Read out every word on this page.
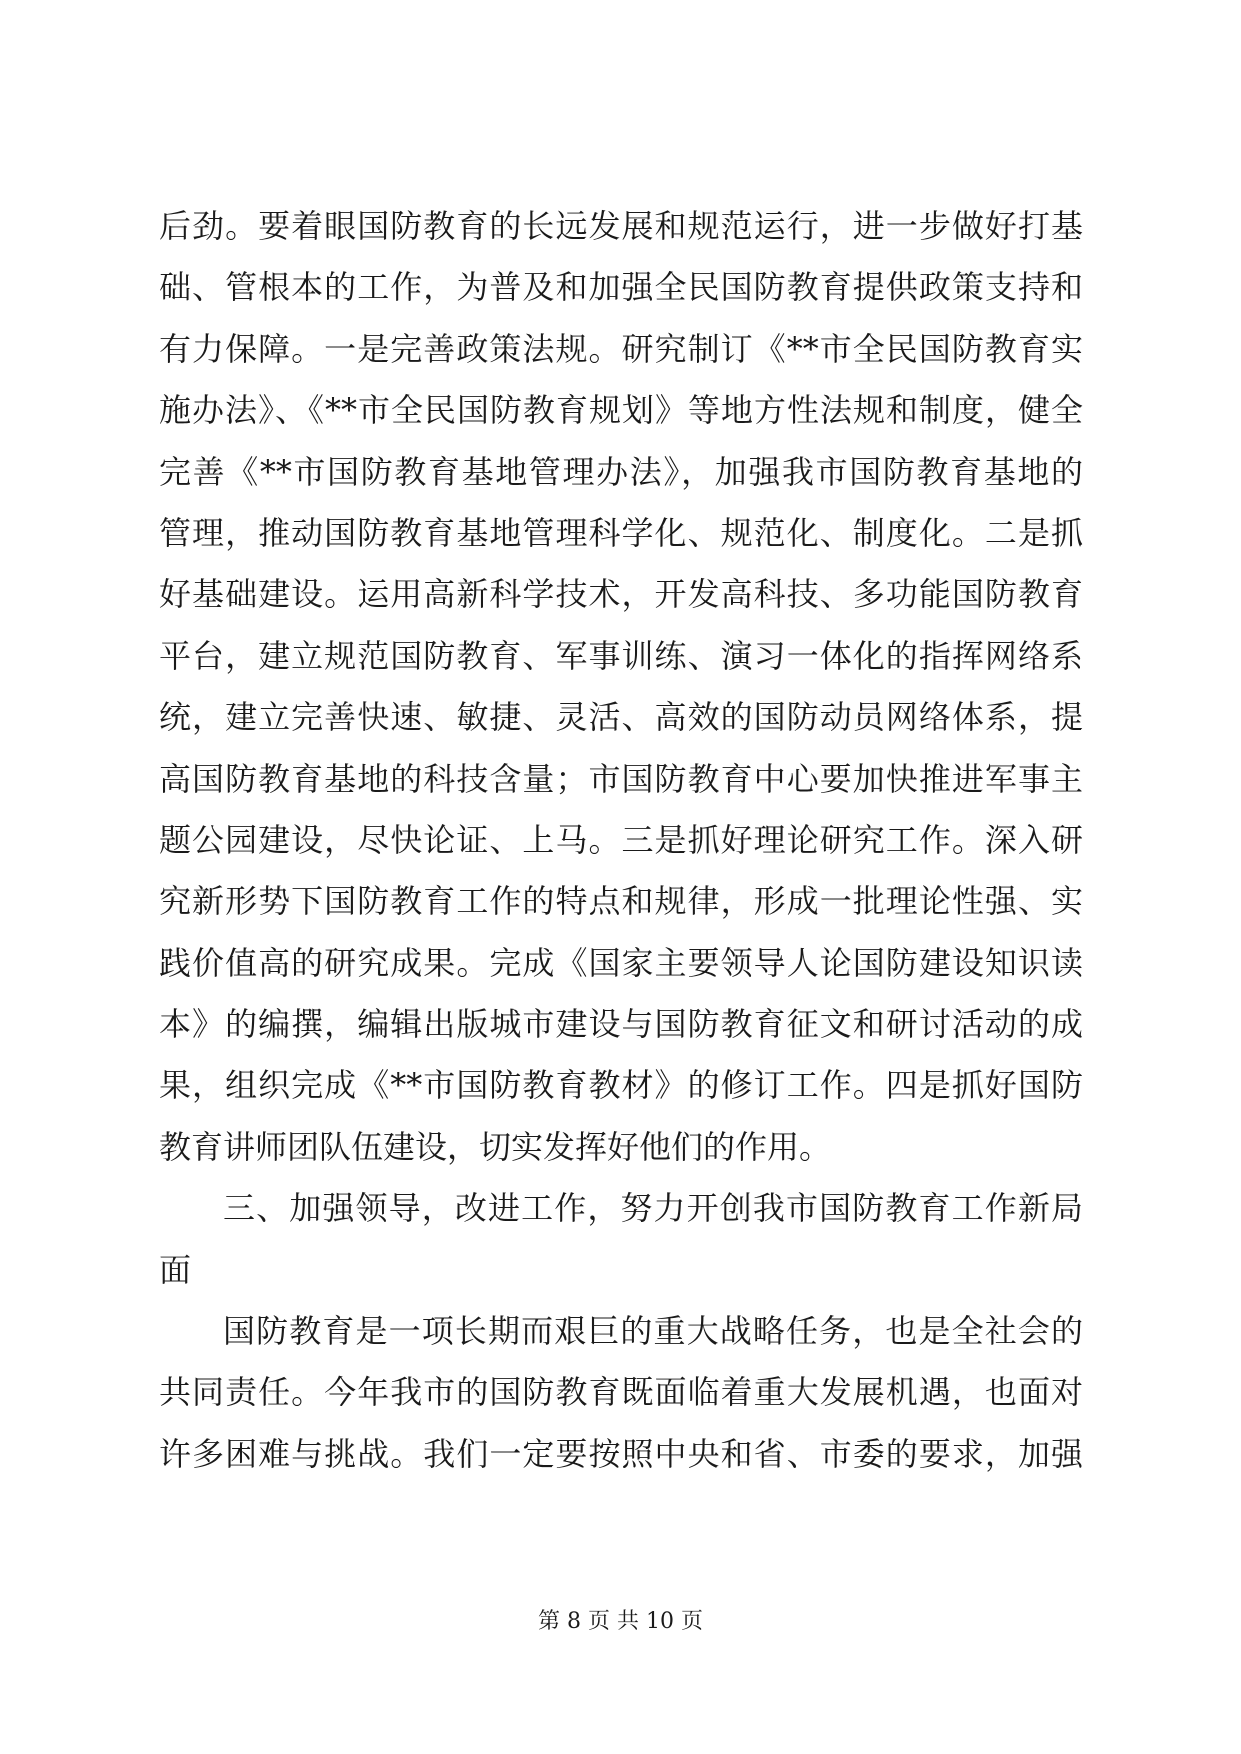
后劲。要着眼国防教育的长远发展和规范运行，进一步做好打基
础、管根本的工作，为普及和加强全民国防教育提供政策支持和
有力保障。一是完善政策法规。研究制订《**市全民国防教育实
施办法》、《**市全民国防教育规划》等地方性法规和制度，健全
完善《**市国防教育基地管理办法》，加强我市国防教育基地的
管理，推动国防教育基地管理科学化、规范化、制度化。二是抓
好基础建设。运用高新科学技术，开发高科技、多功能国防教育
平台，建立规范国防教育、军事训练、演习一体化的指挥网络系
统，建立完善快速、敏捷、灵活、高效的国防动员网络体系，提
高国防教育基地的科技含量；市国防教育中心要加快推进军事主
题公园建设，尽快论证、上马。三是抓好理论研究工作。深入研
究新形势下国防教育工作的特点和规律，形成一批理论性强、实
践价值高的研究成果。完成《国家主要领导人论国防建设知识读
本》的编撰，编辑出版城市建设与国防教育征文和研讨活动的成
果，组织完成《**市国防教育教材》的修订工作。四是抓好国防
教育讲师团队伍建设，切实发挥好他们的作用。
三、加强领导，改进工作，努力开创我市国防教育工作新局
面
国防教育是一项长期而艰巨的重大战略任务，也是全社会的
共同责任。今年我市的国防教育既面临着重大发展机遇，也面对
许多困难与挑战。我们一定要按照中央和省、市委的要求，加强
第 8 页 共 10 页
